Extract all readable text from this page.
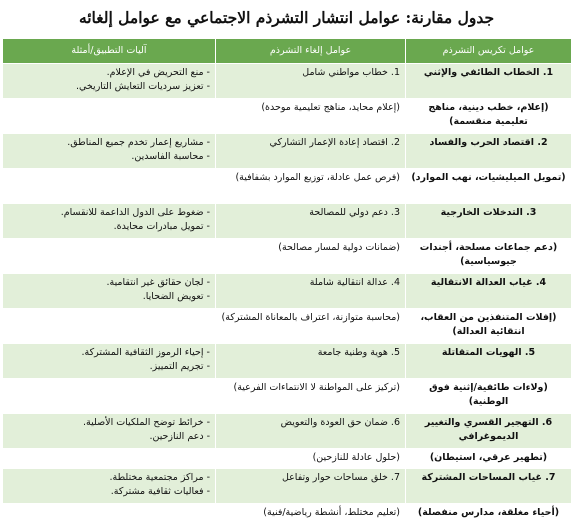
جدول مقارنة: عوامل انتشار التشرذم الاجتماعي مع عوامل إلغائه
عوامل تكريس التشرذم	عوامل إلغاء التشرذم	آليات التطبيق/أمثلة
1. الخطاب الطائفي والإثني	1. خطاب مواطني شامل	- منع التحريض في الإعلام.
- تعزيز سرديات التعايش التاريخي.

(إعلام، خطب دينية، مناهج تعليمية منقسمة)	(إعلام محايد، مناهج تعليمية موحدة)	
2. اقتصاد الحرب والفساد	2. اقتصاد إعادة الإعمار التشاركي	- مشاريع إعمار تخدم جميع المناطق.
- محاسبة الفاسدين.

(تمويل الميليشيات، نهب الموارد)	(فرص عمل عادلة، توزيع الموارد بشفافية)	
3. التدخلات الخارجية	3. دعم دولي للمصالحة	- ضغوط على الدول الداعمة للانقسام.
- تمويل مبادرات محايدة.

(دعم جماعات مسلحة، أجندات جيوسياسية)	(ضمانات دولية لمسار مصالحة)	
4. غياب العدالة الانتقالية	4. عدالة انتقالية شاملة	- لجان حقائق غير انتقامية.
- تعويض الضحايا.

(إفلات المتنفذين من العقاب، انتقائية العدالة)	(محاسبة متوازنة، اعتراف بالمعاناة المشتركة)	
5. الهويات المتقاتلة	5. هوية وطنية جامعة	- إحياء الرموز الثقافية المشتركة.
- تجريم التمييز.

(ولاءات طائفية/إثنية فوق الوطنية)	(تركيز على المواطنة لا الانتماءات الفرعية)	
6. التهجير القسري والتغيير الديموغرافي	6. ضمان حق العودة والتعويض	- خرائط توضح الملكيات الأصلية.
- دعم النازحين.

(تطهير عرقي، استيطان)	(حلول عادلة للنازحين)	
7. غياب المساحات المشتركة	7. خلق مساحات حوار وتفاعل	- مراكز مجتمعية مختلطة.
- فعاليات ثقافية مشتركة.

(أحياء مغلقة، مدارس منفصلة)	(تعليم مختلط، أنشطة رياضية/فنية)	
